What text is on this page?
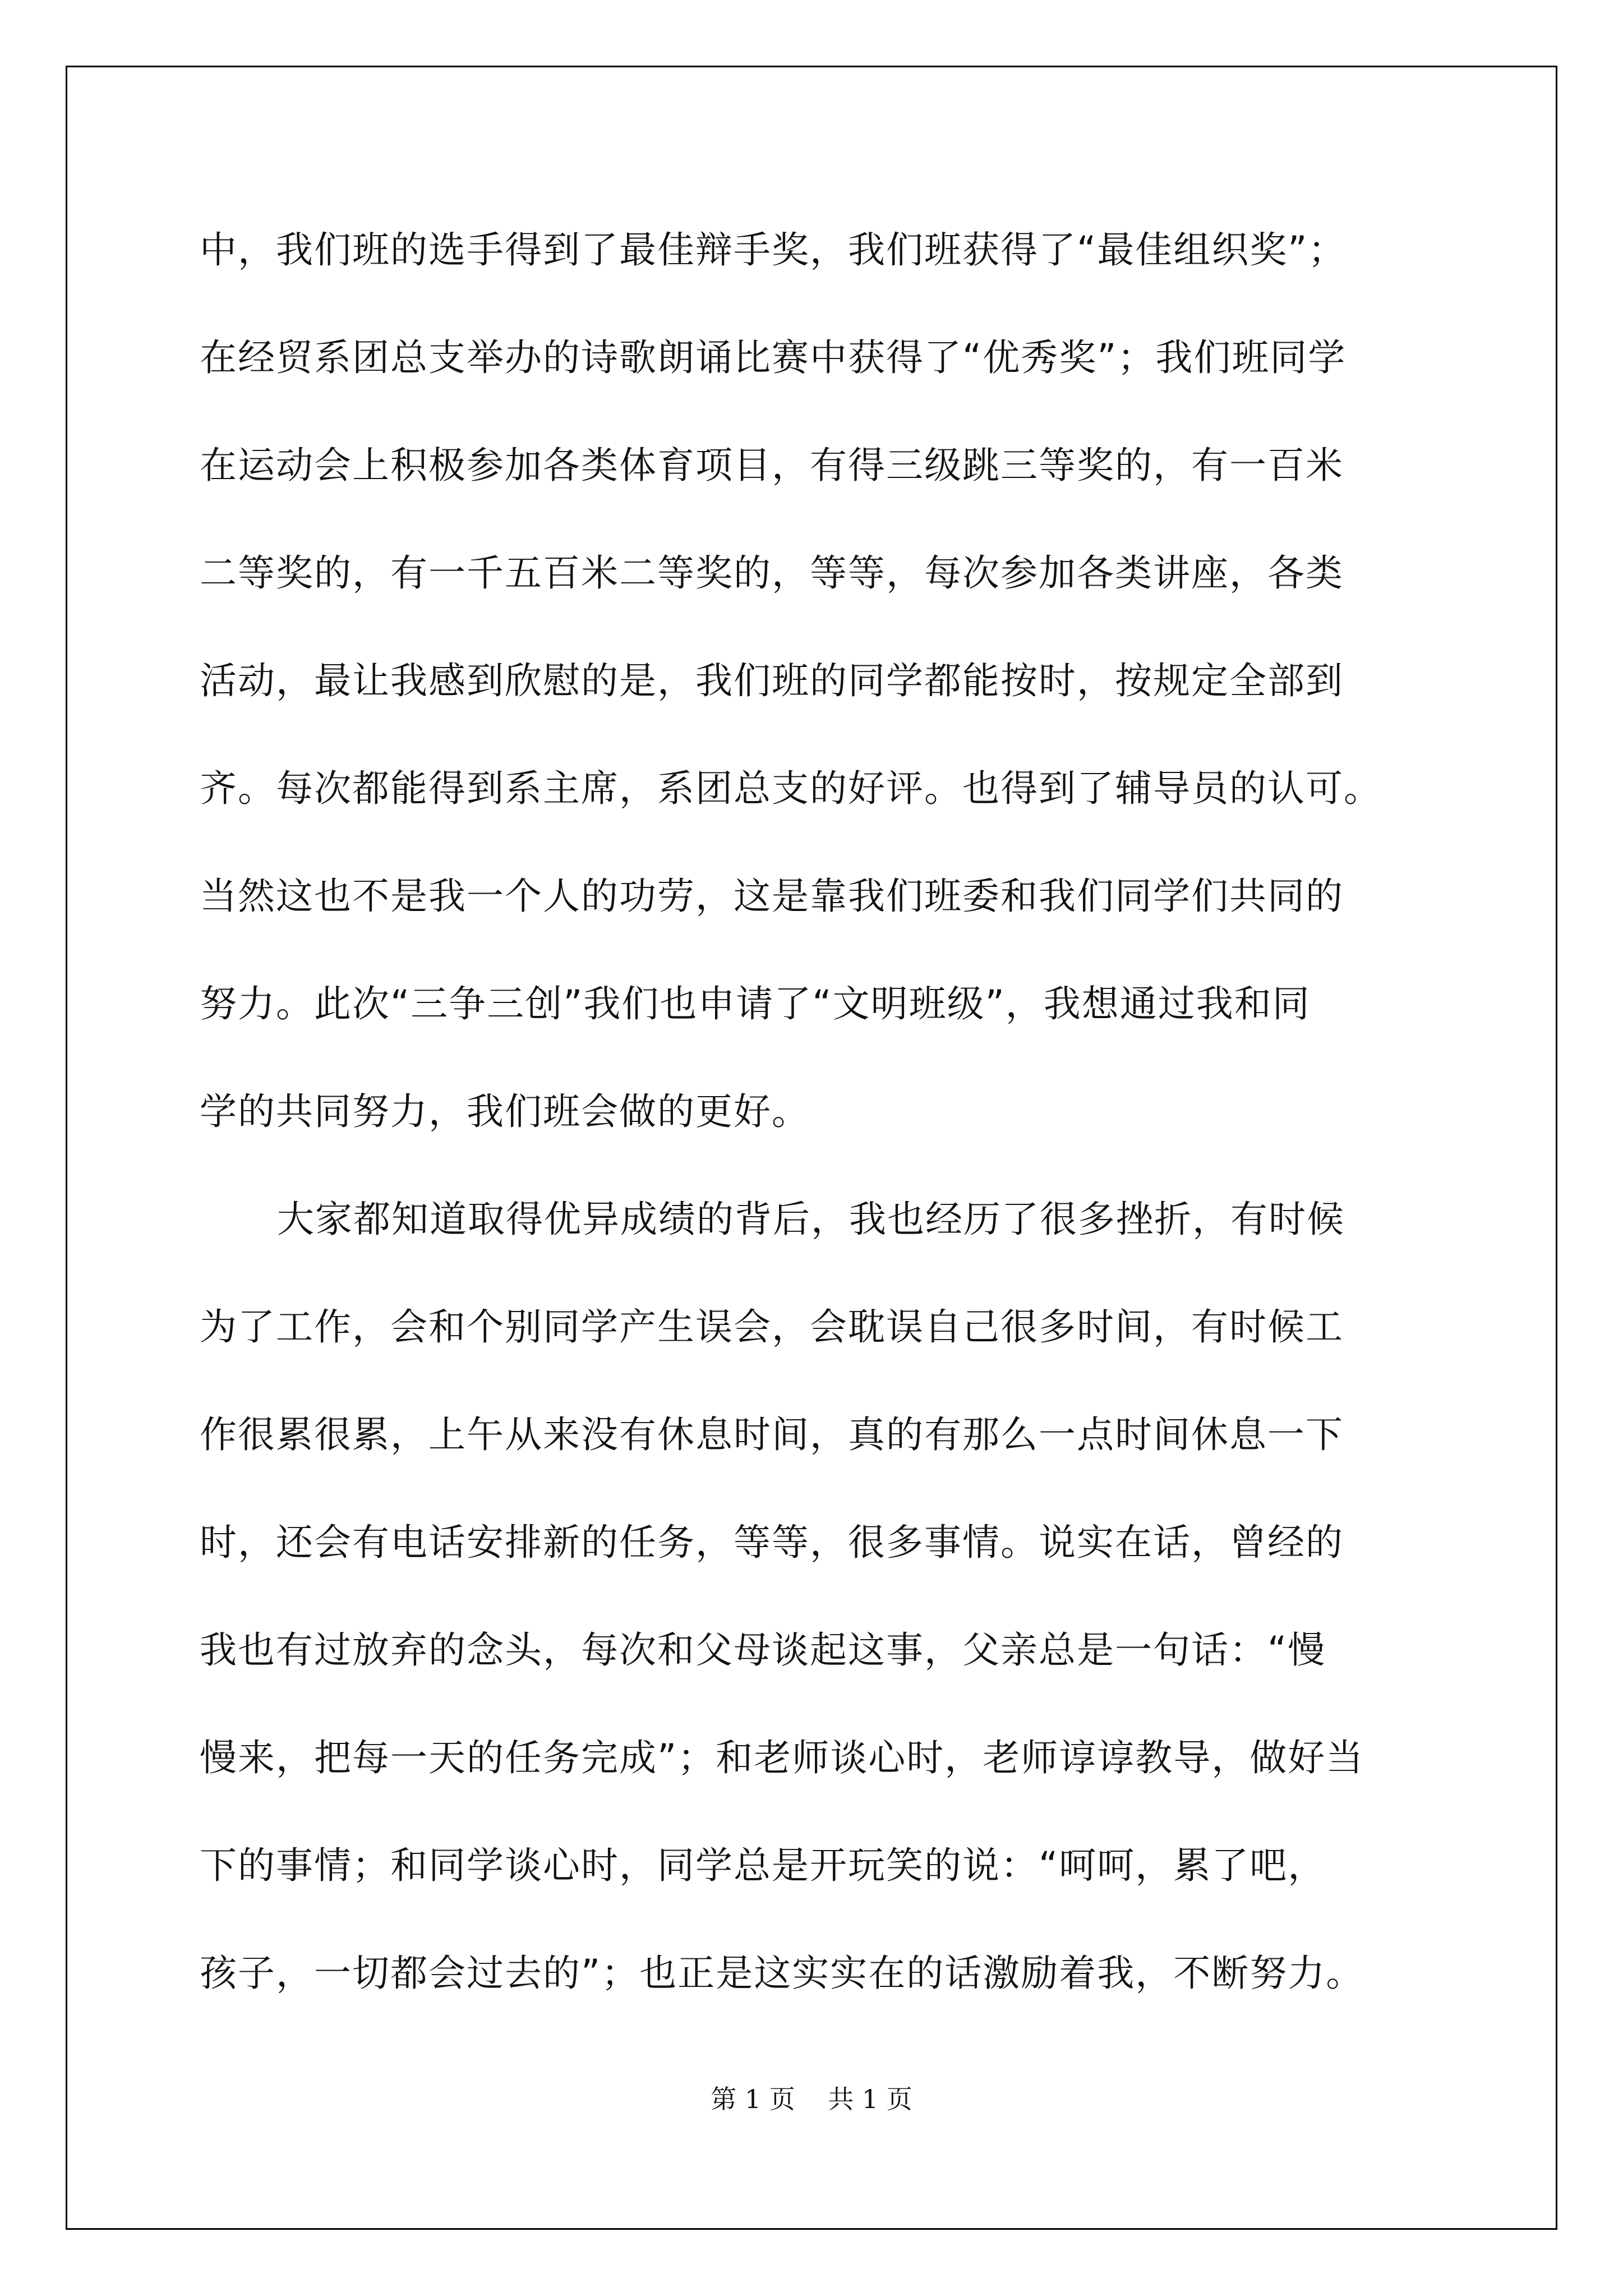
中，我们班的选手得到了最佳辩手奖，我们班获得了“最佳组织奖”；
在经贸系团总支举办的诗歌朗诵比赛中获得了“优秀奖”；我们班同学
在运动会上积极参加各类体育项目，有得三级跳三等奖的，有一百米
二等奖的，有一千五百米二等奖的，等等，每次参加各类讲座，各类
活动，最让我感到欣慰的是，我们班的同学都能按时，按规定全部到
齐。每次都能得到系主席，系团总支的好评。也得到了辅导员的认可。
当然这也不是我一个人的功劳，这是靠我们班委和我们同学们共同的
努力。此次“三争三创”我们也申请了“文明班级”，我想通过我和同
学的共同努力，我们班会做的更好。
大家都知道取得优异成绩的背后，我也经历了很多挫折，有时候
为了工作，会和个别同学产生误会，会耽误自己很多时间，有时候工
作很累很累，上午从来没有休息时间，真的有那么一点时间休息一下
时，还会有电话安排新的任务，等等，很多事情。说实在话，曾经的
我也有过放弃的念头，每次和父母谈起这事，父亲总是一句话：“慢
慢来，把每一天的任务完成”；和老师谈心时，老师谆谆教导，做好当
下的事情；和同学谈心时，同学总是开玩笑的说：“呵呵，累了吧，
孩子，一切都会过去的”；也正是这实实在的话激励着我，不断努力。
第 1 页    共 1 页
